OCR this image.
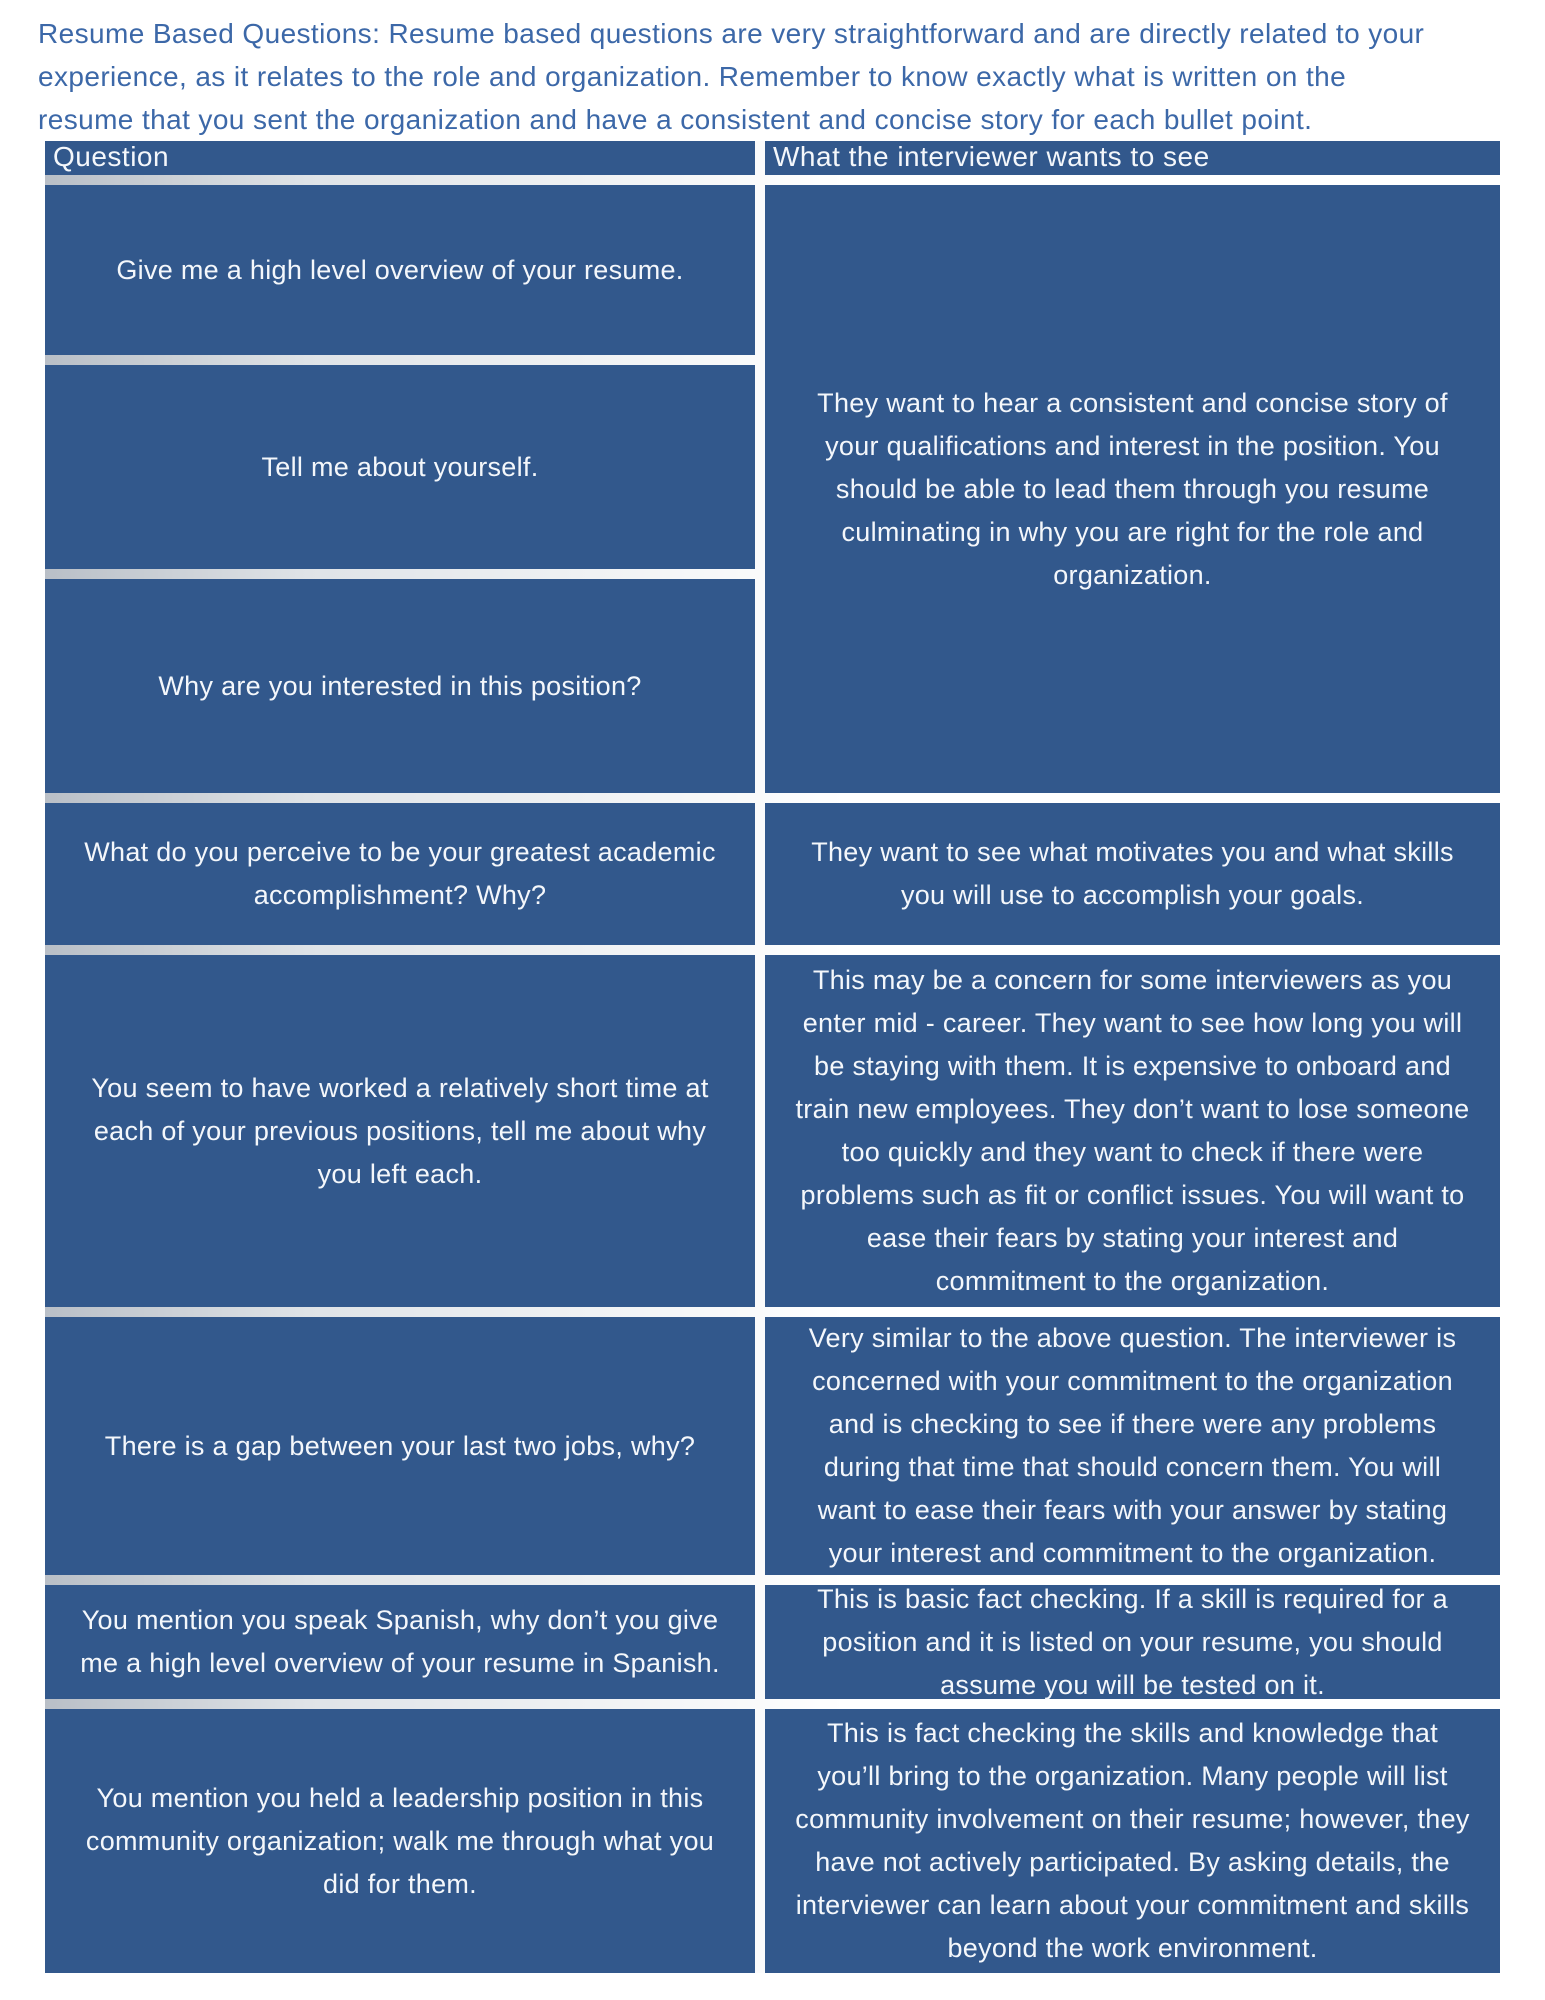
Resume Based Questions: Resume based questions are very straightforward and are directly related to your experience, as it relates to the role and organization. Remember to know exactly what is written on the resume that you sent the organization and have a consistent and concise story for each bullet point.

Question	What the interviewer wants to see
Give me a high level overview of your resume.
They want to hear a consistent and concise story of your qualifications and interest in the position. You should be able to lead them through you resume culminating in why you are right for the role and organization.
Tell me about yourself.
Why are you interested in this position?
What do you perceive to be your greatest academic accomplishment? Why?
They want to see what motivates you and what skills you will use to accomplish your goals.
You seem to have worked a relatively short time at each of your previous positions, tell me about why you left each.
This may be a concern for some interviewers as you enter mid - career. They want to see how long you will be staying with them. It is expensive to onboard and train new employees. They don’t want to lose someone too quickly and they want to check if there were problems such as fit or conflict issues. You will want to ease their fears by stating your interest and commitment to the organization.
There is a gap between your last two jobs, why?
Very similar to the above question. The interviewer is concerned with your commitment to the organization and is checking to see if there were any problems during that time that should concern them. You will want to ease their fears with your answer by stating your interest and commitment to the organization.
You mention you speak Spanish, why don’t you give me a high level overview of your resume in Spanish.
This is basic fact checking. If a skill is required for a position and it is listed on your resume, you should assume you will be tested on it.
You mention you held a leadership position in this community organization; walk me through what you did for them.
This is fact checking the skills and knowledge that you’ll bring to the organization. Many people will list community involvement on their resume; however, they have not actively participated. By asking details, the interviewer can learn about your commitment and skills beyond the work environment.
